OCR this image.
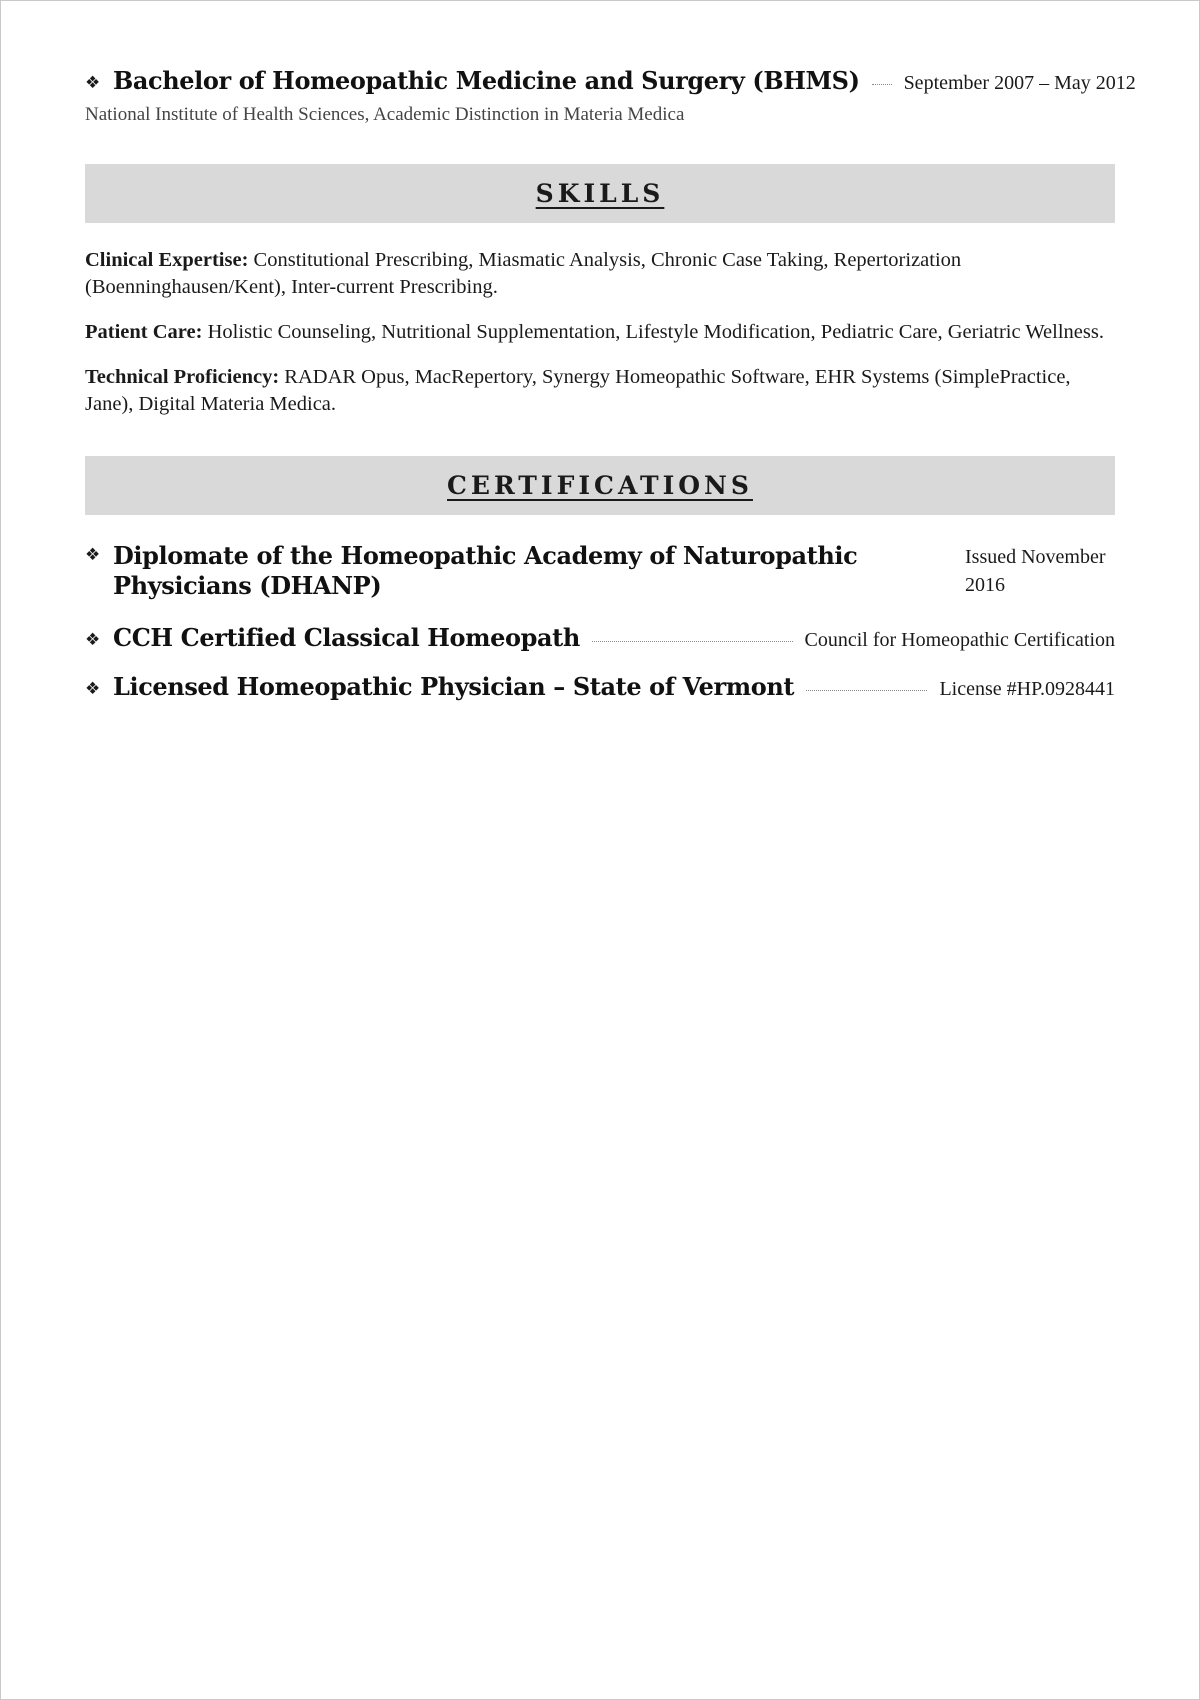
❖ Bachelor of Homeopathic Medicine and Surgery (BHMS) September 2007 – May 2012
National Institute of Health Sciences, Academic Distinction in Materia Medica
SKILLS

Clinical Expertise: Constitutional Prescribing, Miasmatic Analysis, Chronic Case Taking, Repertorization (Boenninghausen/Kent), Inter-current Prescribing.

Patient Care: Holistic Counseling, Nutritional Supplementation, Lifestyle Modification, Pediatric Care, Geriatric Wellness.

Technical Proficiency: RADAR Opus, MacRepertory, Synergy Homeopathic Software, EHR Systems (SimplePractice, Jane), Digital Materia Medica.

CERTIFICATIONS
❖ Diplomate of the Homeopathic Academy of Naturopathic Physicians (DHANP)
Issued November 2016
❖ CCH Certified Classical Homeopath	Council for Homeopathic Certification
❖ Licensed Homeopathic Physician – State of Vermont	License #HP.0928441
